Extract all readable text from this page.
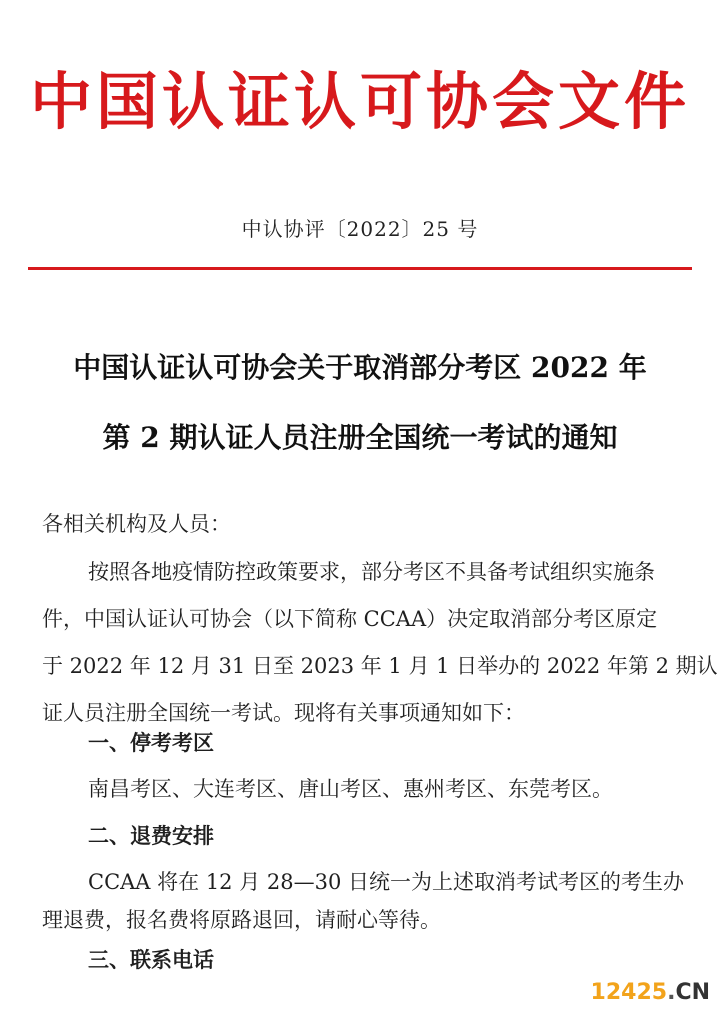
中国认证认可协会文件
中认协评〔2022〕25 号
中国认证认可协会关于取消部分考区 2022 年
第 2 期认证人员注册全国统一考试的通知
各相关机构及人员：
按照各地疫情防控政策要求，部分考区不具备考试组织实施条
件，中国认证认可协会（以下简称 CCAA）决定取消部分考区原定
于 2022 年 12 月 31 日至 2023 年 1 月 1 日举办的 2022 年第 2 期认
证人员注册全国统一考试。现将有关事项通知如下：
一、停考考区
南昌考区、大连考区、唐山考区、惠州考区、东莞考区。
二、退费安排
CCAA 将在 12 月 28—30 日统一为上述取消考试考区的考生办
理退费，报名费将原路退回，请耐心等待。
三、联系电话
12425.CN
